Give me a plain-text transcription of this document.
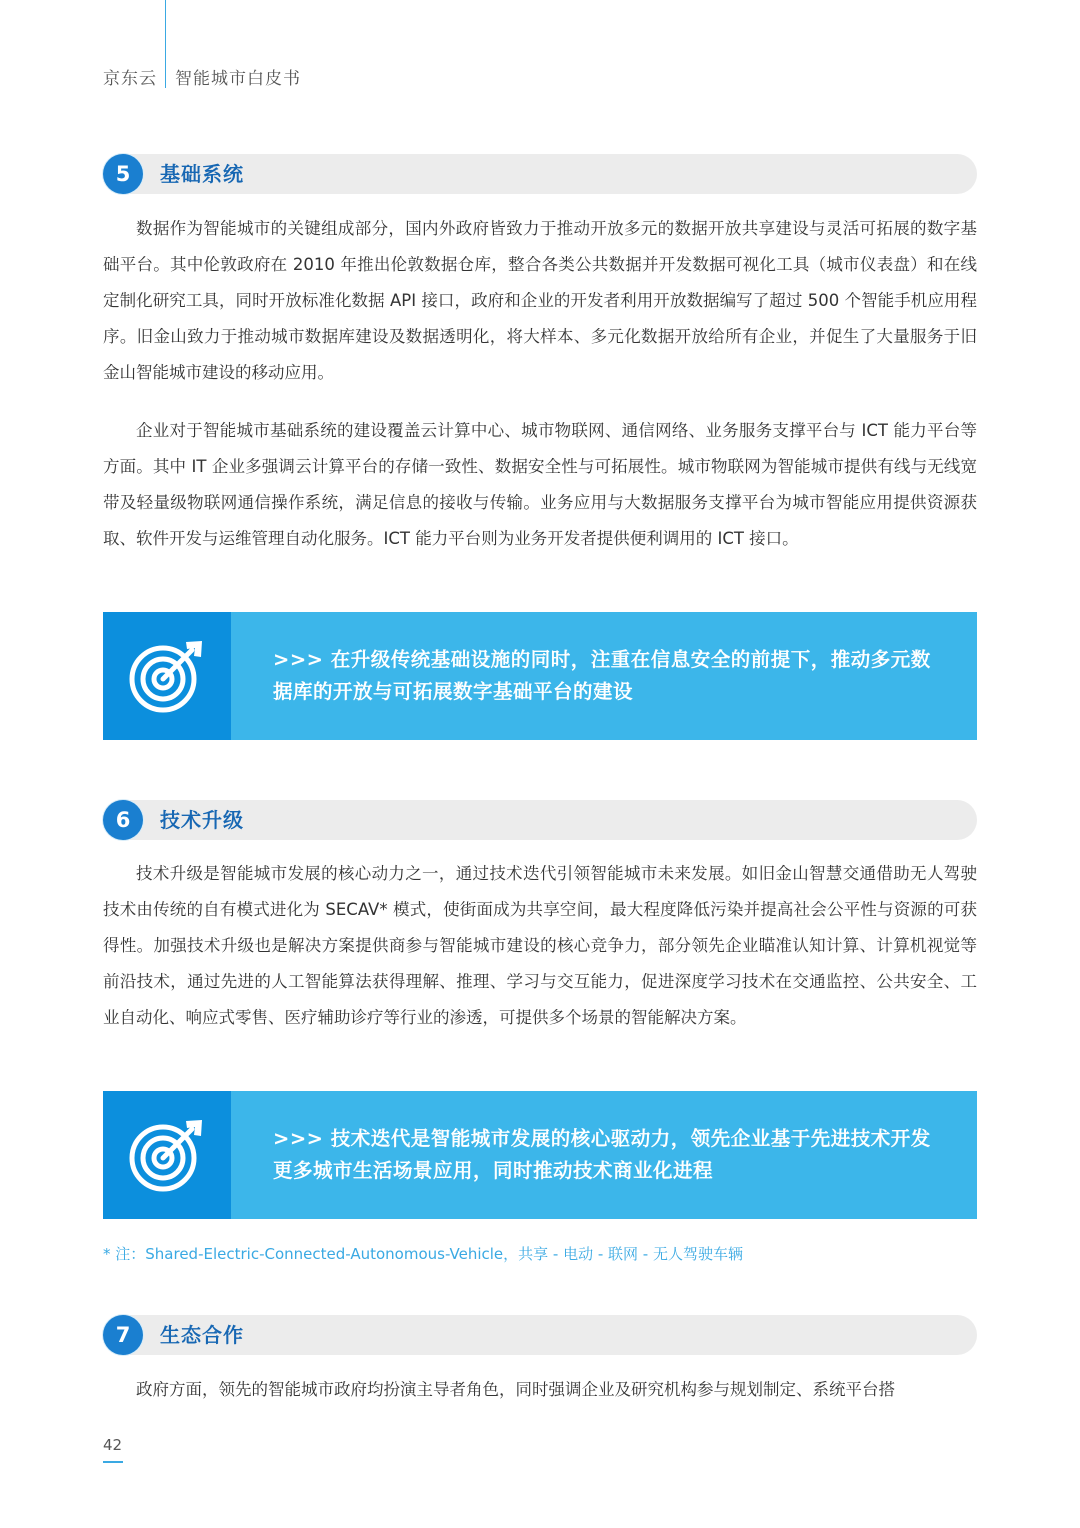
京东云 智能城市白皮书
5	基础系统

数据作为智能城市的关键组成部分，国内外政府皆致力于推动开放多元的数据开放共享建设与灵活可拓展的数字基础平台。其中伦敦政府在 2010 年推出伦敦数据仓库，整合各类公共数据并开发数据可视化工具（城市仪表盘）和在线定制化研究工具，同时开放标准化数据 API 接口，政府和企业的开发者利用开放数据编写了超过 500 个智能手机应用程序。旧金山致力于推动城市数据库建设及数据透明化，将大样本、多元化数据开放给所有企业，并促生了大量服务于旧金山智能城市建设的移动应用。

企业对于智能城市基础系统的建设覆盖云计算中心、城市物联网、通信网络、业务服务支撑平台与 ICT 能力平台等方面。其中 IT 企业多强调云计算平台的存储一致性、数据安全性与可拓展性。城市物联网为智能城市提供有线与无线宽带及轻量级物联网通信操作系统，满足信息的接收与传输。业务应用与大数据服务支撑平台为城市智能应用提供资源获取、软件开发与运维管理自动化服务。ICT 能力平台则为业务开发者提供便利调用的 ICT 接口。

>>> 在升级传统基础设施的同时，注重在信息安全的前提下，推动多元数据库的开放与可拓展数字基础平台的建设
6	技术升级

技术升级是智能城市发展的核心动力之一，通过技术迭代引领智能城市未来发展。如旧金山智慧交通借助无人驾驶技术由传统的自有模式进化为 SECAV* 模式，使街面成为共享空间，最大程度降低污染并提高社会公平性与资源的可获得性。加强技术升级也是解决方案提供商参与智能城市建设的核心竞争力，部分领先企业瞄准认知计算、计算机视觉等前沿技术，通过先进的人工智能算法获得理解、推理、学习与交互能力，促进深度学习技术在交通监控、公共安全、工业自动化、响应式零售、医疗辅助诊疗等行业的渗透，可提供多个场景的智能解决方案。

>>> 技术迭代是智能城市发展的核心驱动力，领先企业基于先进技术开发更多城市生活场景应用，同时推动技术商业化进程
* 注：Shared-Electric-Connected-Autonomous-Vehicle，共享 - 电动 - 联网 - 无人驾驶车辆
7	生态合作

政府方面，领先的智能城市政府均扮演主导者角色，同时强调企业及研究机构参与规划制定、系统平台搭

42
